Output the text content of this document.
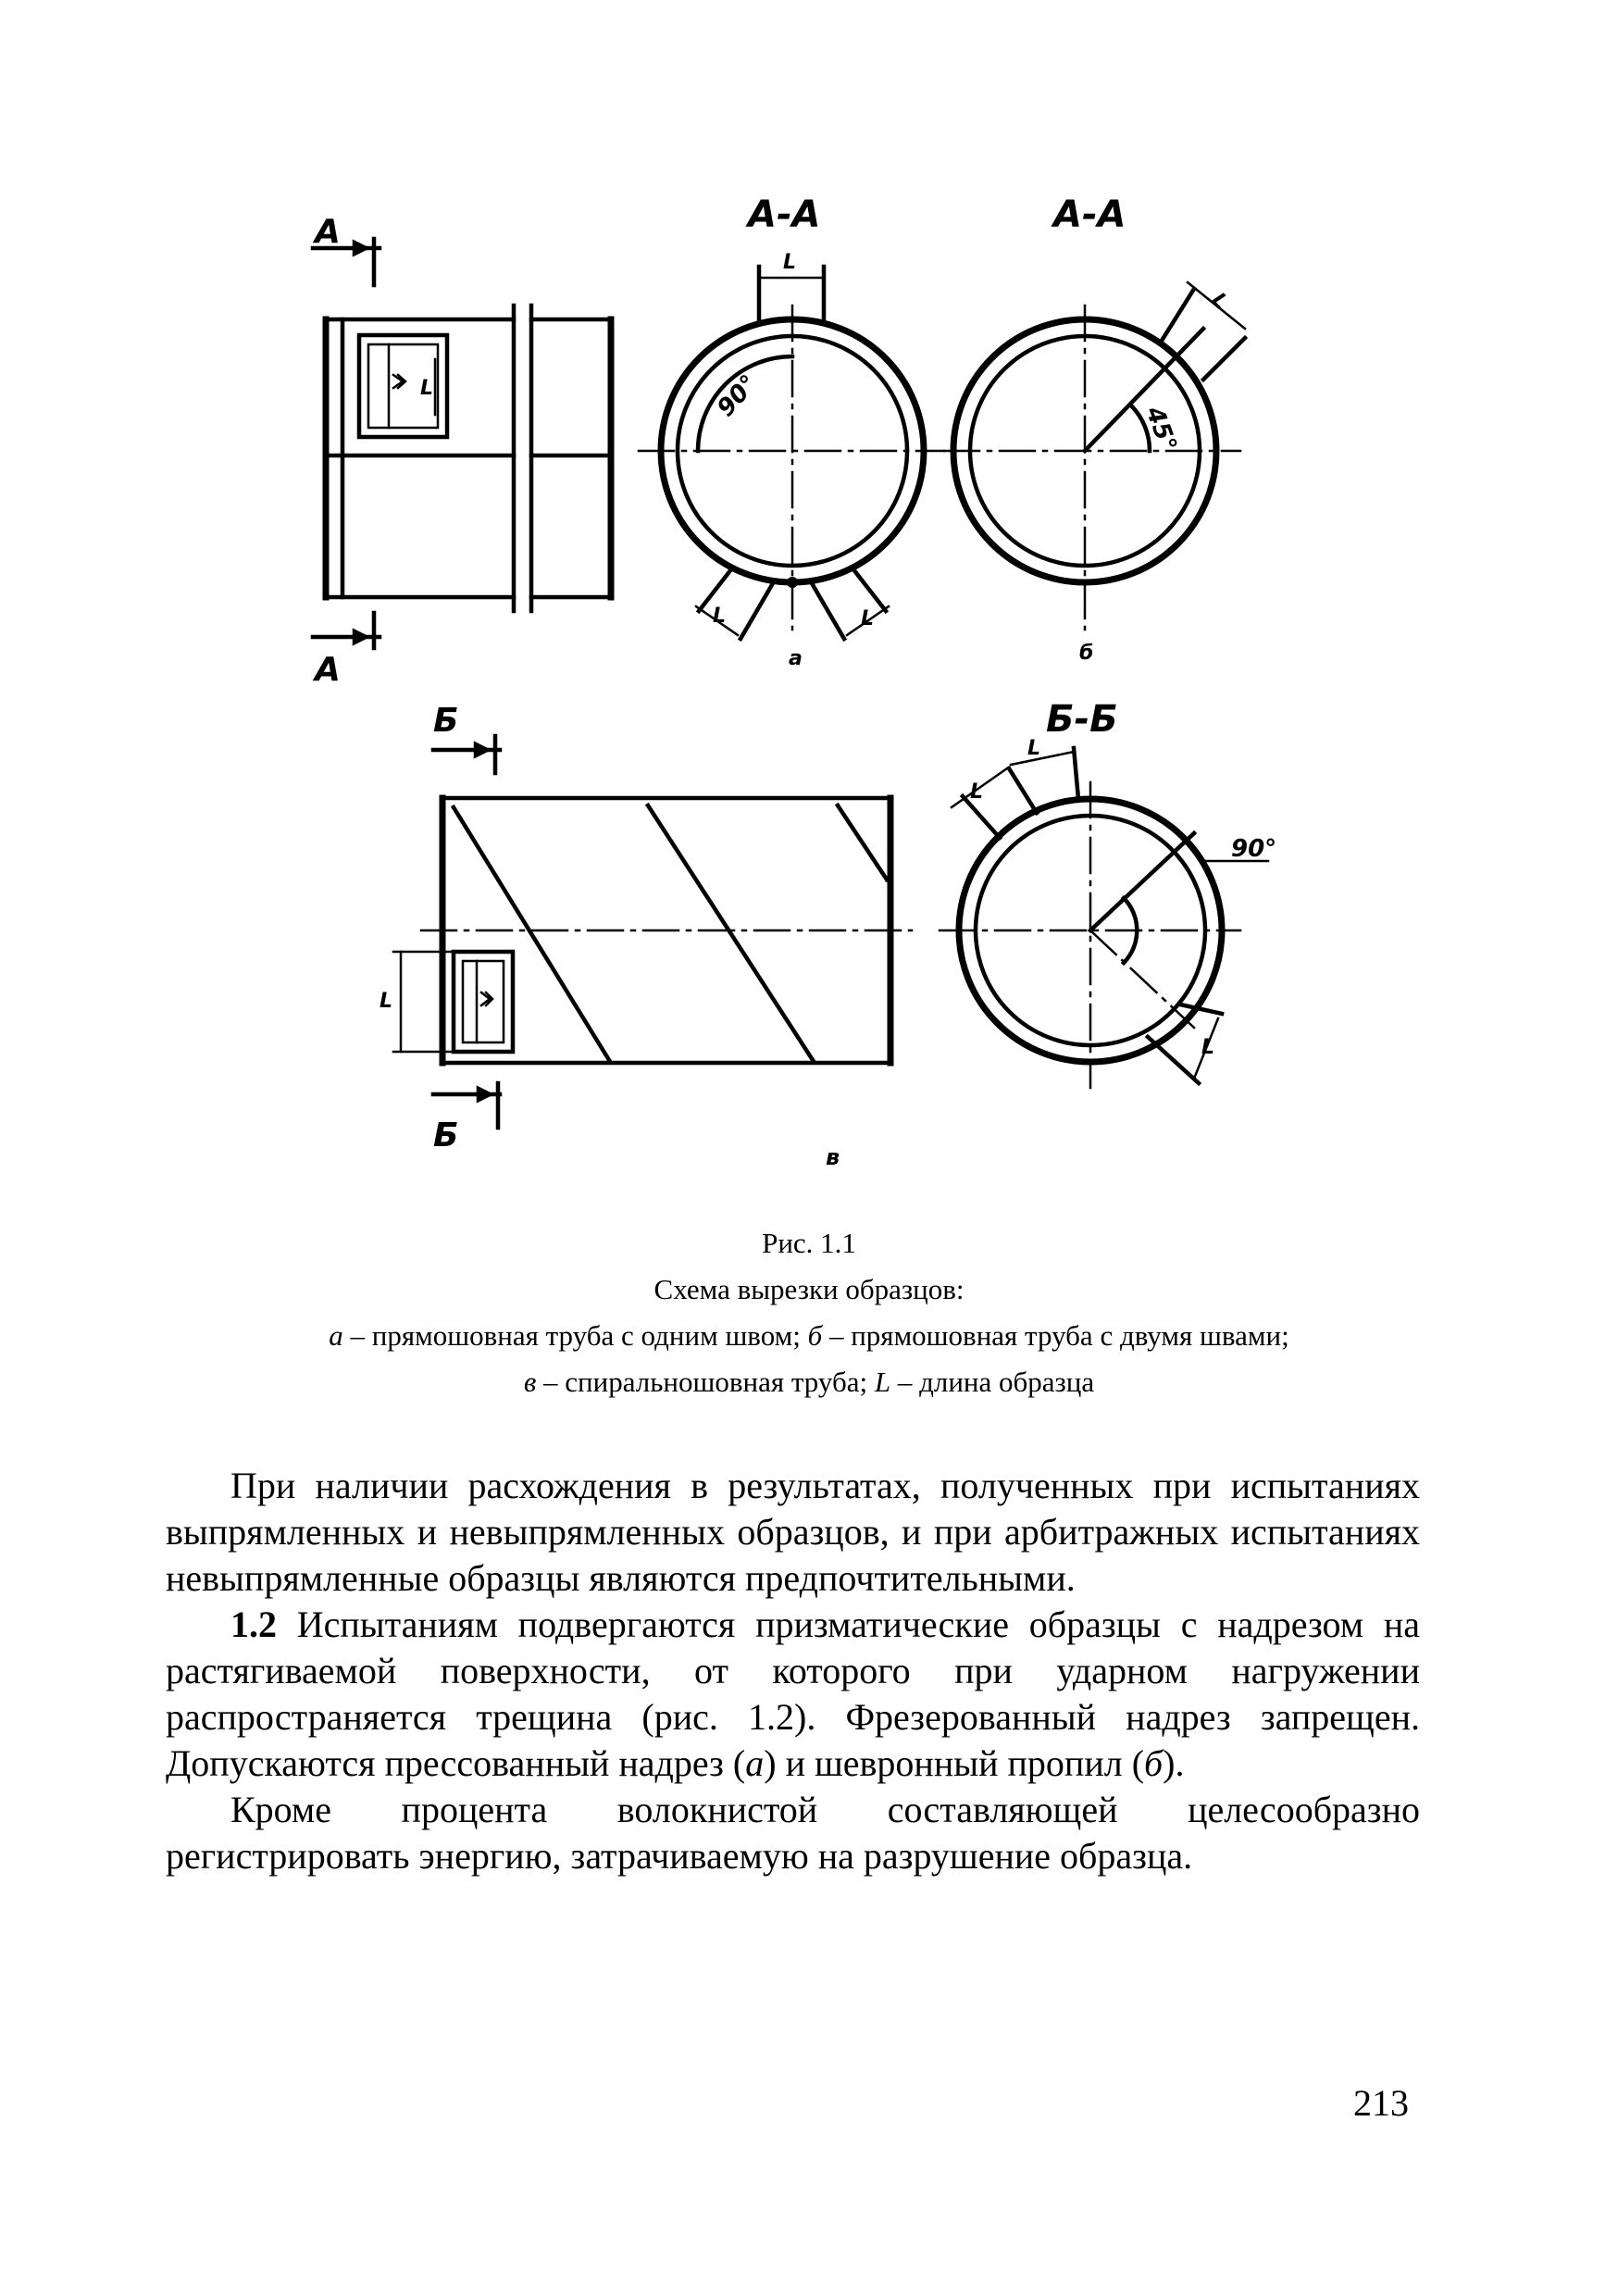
А
А
L
А-А
L
90°
L	L
а
А-А
45°
L
б
Б
Б
L
в
Б-Б
90°
L
L
L
Рис. 1.1
Схема вырезки образцов:
а – прямошовная труба с одним швом; б – прямошовная труба с двумя швами;
в – спиральношовная труба; L – длина образца

При наличии расхождения в результатах, полученных при испытаниях выпрямленных и невыпрямленных образцов, и при арбитражных испытаниях невыпрямленные образцы являются предпочтительными.

1.2 Испытаниям подвергаются призматические образцы с надрезом на растягиваемой поверхности, от которого при ударном нагружении распространяется трещина (рис. 1.2). Фрезерованный надрез запрещен. Допускаются прессованный надрез (а) и шевронный пропил (б).

Кроме процента волокнистой составляющей целесообразно регистрировать энергию, затрачиваемую на разрушение образца.

213
